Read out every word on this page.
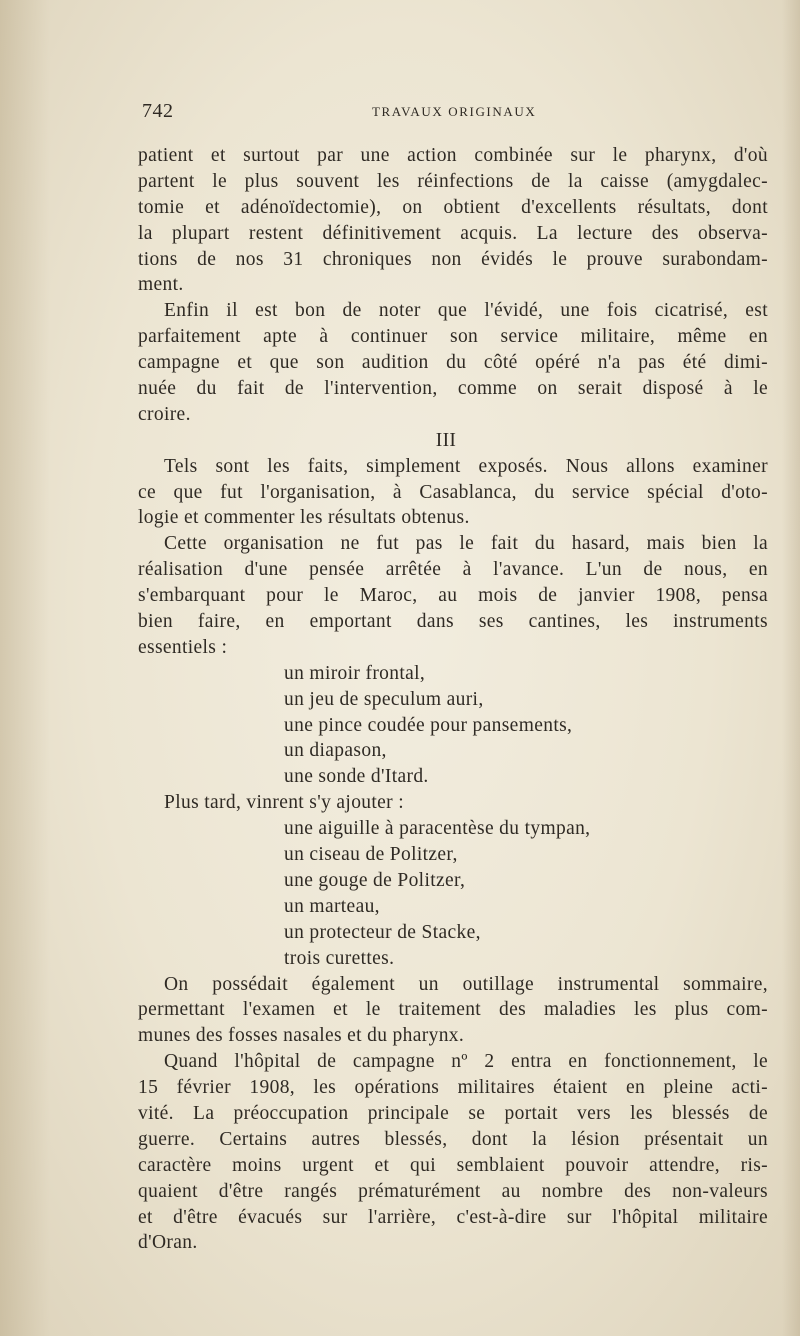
742	TRAVAUX ORIGINAUX
patient et surtout par une action combinée sur le pharynx, d'où
partent le plus souvent les réinfections de la caisse (amygdalec-
tomie et adénoïdectomie), on obtient d'excellents résultats, dont
la plupart restent définitivement acquis. La lecture des observa-
tions de nos 31 chroniques non évidés le prouve surabondam-
ment.
Enfin il est bon de noter que l'évidé, une fois cicatrisé, est
parfaitement apte à continuer son service militaire, même en
campagne et que son audition du côté opéré n'a pas été dimi-
nuée du fait de l'intervention, comme on serait disposé à le
croire.
III
Tels sont les faits, simplement exposés. Nous allons examiner
ce que fut l'organisation, à Casablanca, du service spécial d'oto-
logie et commenter les résultats obtenus.
Cette organisation ne fut pas le fait du hasard, mais bien la
réalisation d'une pensée arrêtée à l'avance. L'un de nous, en
s'embarquant pour le Maroc, au mois de janvier 1908, pensa
bien faire, en emportant dans ses cantines, les instruments
essentiels :
un miroir frontal,
un jeu de speculum auri,
une pince coudée pour pansements,
un diapason,
une sonde d'Itard.
Plus tard, vinrent s'y ajouter :
une aiguille à paracentèse du tympan,
un ciseau de Politzer,
une gouge de Politzer,
un marteau,
un protecteur de Stacke,
trois curettes.
On possédait également un outillage instrumental sommaire,
permettant l'examen et le traitement des maladies les plus com-
munes des fosses nasales et du pharynx.
Quand l'hôpital de campagne nº 2 entra en fonctionnement, le
15 février 1908, les opérations militaires étaient en pleine acti-
vité. La préoccupation principale se portait vers les blessés de
guerre. Certains autres blessés, dont la lésion présentait un
caractère moins urgent et qui semblaient pouvoir attendre, ris-
quaient d'être rangés prématurément au nombre des non-valeurs
et d'être évacués sur l'arrière, c'est-à-dire sur l'hôpital militaire
d'Oran.
